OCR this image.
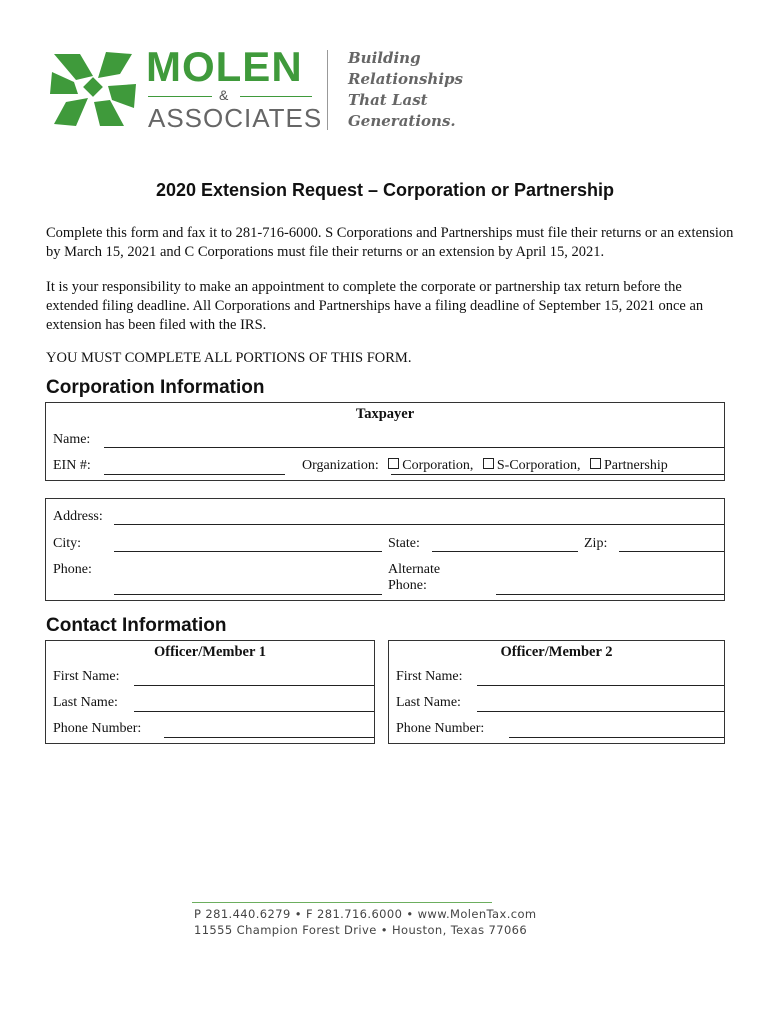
MOLEN
&
ASSOCIATES
Building
Relationships
That Last
Generations.
2020 Extension Request – Corporation or Partnership
Complete this form and fax it to 281-716-6000. S Corporations and Partnerships must file their returns or an extension by March 15, 2021 and C Corporations must file their returns or an extension by April 15, 2021.
It is your responsibility to make an appointment to complete the corporate or partnership tax return before the extended filing deadline. All Corporations and Partnerships have a filing deadline of September 15, 2021 once an extension has been filed with the IRS.
YOU MUST COMPLETE ALL PORTIONS OF THIS FORM.
Corporation Information
Taxpayer
Name:
EIN #:	Organization: Corporation, S-Corporation, Partnership
Address:
City:	State:	Zip:
Phone:	Alternate
Phone:
Contact Information
Officer/Member 1
First Name:
Last Name:
Phone Number:
Officer/Member 2
First Name:
Last Name:
Phone Number:
P 281.440.6279 • F 281.716.6000 • www.MolenTax.com
11555 Champion Forest Drive • Houston, Texas 77066
